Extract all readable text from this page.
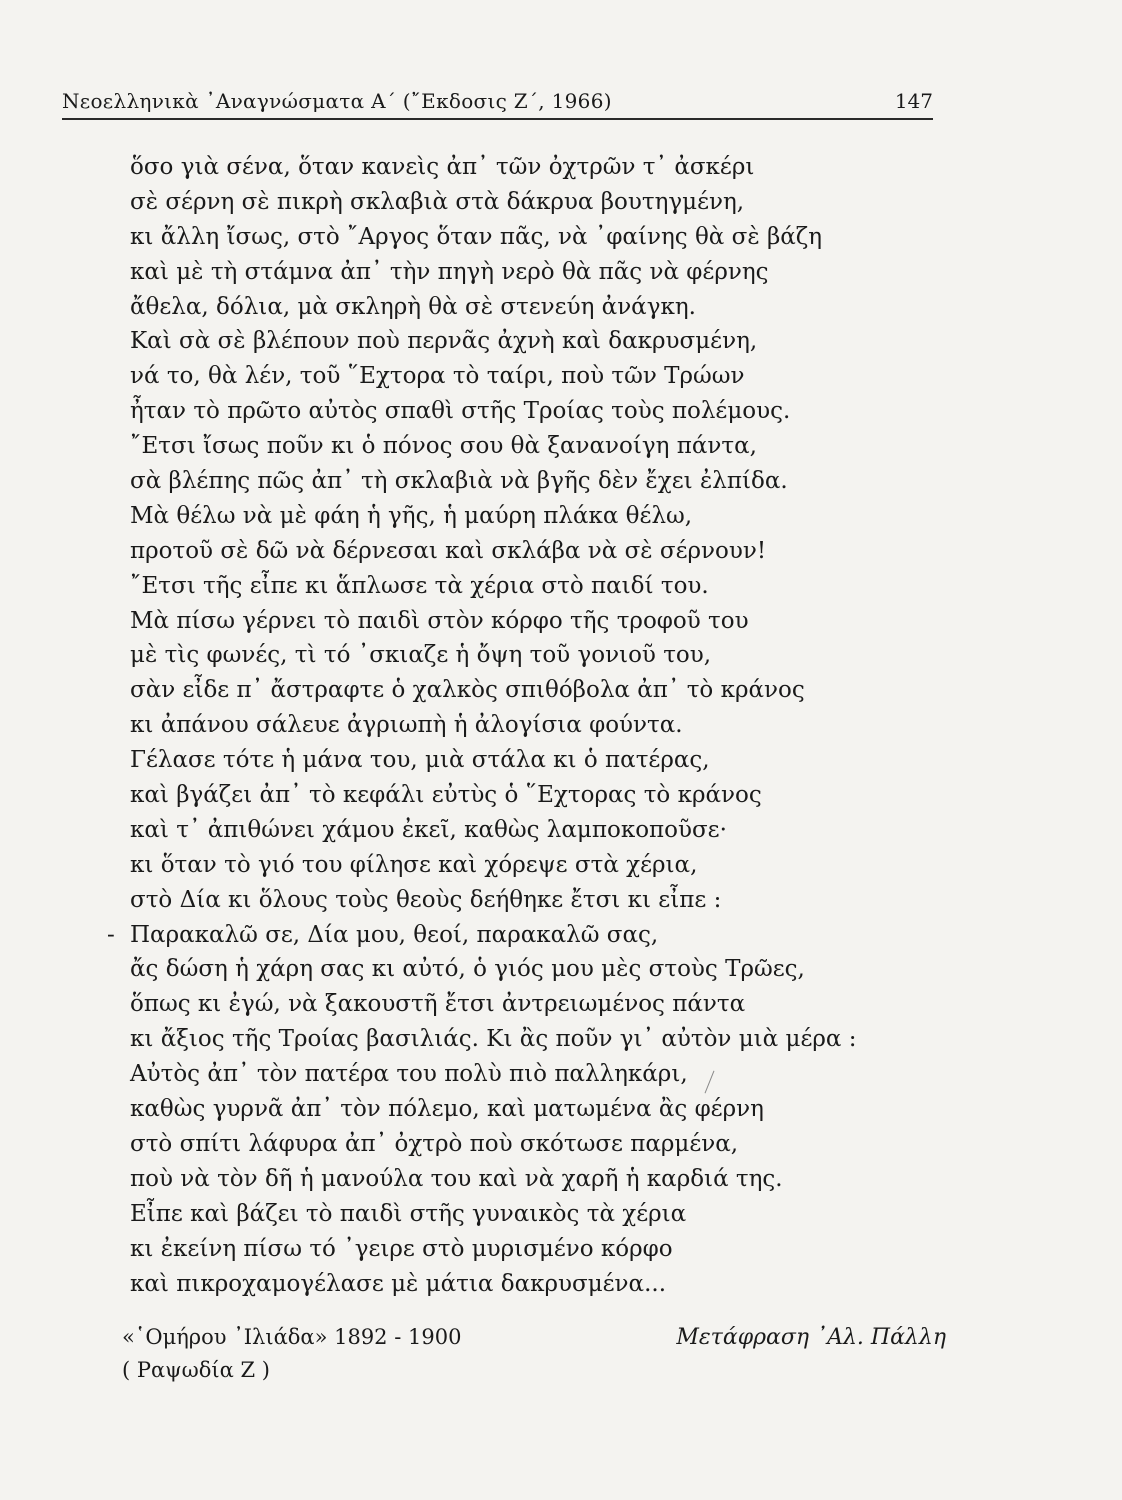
Νεοελληνικὰ ᾿Αναγνώσματα Α΄ (῎Εκδοσις Ζ΄, 1966)	147
ὅσο γιὰ σένα, ὅταν κανεὶς ἀπ᾿ τῶν ὀχτρῶν τ᾿ ἀσκέρι
σὲ σέρνη σὲ πικρὴ σκλαβιὰ στὰ δάκρυα βουτηγμένη,
κι ἄλλη ἴσως, στὸ ῎Αργος ὅταν πᾶς, νὰ ᾿φαίνης θὰ σὲ βάζη
καὶ μὲ τὴ στάμνα ἀπ᾿ τὴν πηγὴ νερὸ θὰ πᾶς νὰ φέρνης
ἄθελα, δόλια, μὰ σκληρὴ θὰ σὲ στενεύη ἀνάγκη.
Καὶ σὰ σὲ βλέπουν ποὺ περνᾶς ἀχνὴ καὶ δακρυσμένη,
νά το, θὰ λέν, τοῦ ῞Εχτορα τὸ ταίρι, ποὺ τῶν Τρώων
ἦταν τὸ πρῶτο αὐτὸς σπαθὶ στῆς Τροίας τοὺς πολέμους.
῎Ετσι ἴσως ποῦν κι ὁ πόνος σου θὰ ξανανοίγη πάντα,
σὰ βλέπης πῶς ἀπ᾿ τὴ σκλαβιὰ νὰ βγῆς δὲν ἔχει ἐλπίδα.
Μὰ θέλω νὰ μὲ φάη ἡ γῆς, ἡ μαύρη πλάκα θέλω,
προτοῦ σὲ δῶ νὰ δέρνεσαι καὶ σκλάβα νὰ σὲ σέρνουν!
῎Ετσι τῆς εἶπε κι ἅπλωσε τὰ χέρια στὸ παιδί του.
Μὰ πίσω γέρνει τὸ παιδὶ στὸν κόρφο τῆς τροφοῦ του
μὲ τὶς φωνές, τὶ τό ᾿σκιαζε ἡ ὄψη τοῦ γονιοῦ του,
σὰν εἶδε π᾿ ἄστραφτε ὁ χαλκὸς σπιθόβολα ἀπ᾿ τὸ κράνος
κι ἀπάνου σάλευε ἀγριωπὴ ἡ ἀλογίσια φούντα.
Γέλασε τότε ἡ μάνα του, μιὰ στάλα κι ὁ πατέρας,
καὶ βγάζει ἀπ᾿ τὸ κεφάλι εὐτὺς ὁ ῞Εχτορας τὸ κράνος
καὶ τ᾿ ἀπιθώνει χάμου ἐκεῖ, καθὼς λαμποκοποῦσε·
κι ὅταν τὸ γιό του φίλησε καὶ χόρεψε στὰ χέρια,
στὸ Δία κι ὅλους τοὺς θεοὺς δεήθηκε ἔτσι κι εἶπε :
- Παρακαλῶ σε, Δία μου, θεοί, παρακαλῶ σας,
ἄς δώση ἡ χάρη σας κι αὐτό, ὁ γιός μου μὲς στοὺς Τρῶες,
ὅπως κι ἐγώ, νὰ ξακουστῆ ἔτσι ἀντρειωμένος πάντα
κι ἄξιος τῆς Τροίας βασιλιάς. Κι ἂς ποῦν γι᾿ αὐτὸν μιὰ μέρα :
Αὐτὸς ἀπ᾿ τὸν πατέρα του πολὺ πιὸ παλληκάρι,
καθὼς γυρνᾶ ἀπ᾿ τὸν πόλεμο, καὶ ματωμένα ἂς φέρνη
στὸ σπίτι λάφυρα ἀπ᾿ ὀχτρὸ ποὺ σκότωσε παρμένα,
ποὺ νὰ τὸν δῆ ἡ μανούλα του καὶ νὰ χαρῆ ἡ καρδιά της.
Εἶπε καὶ βάζει τὸ παιδὶ στῆς γυναικὸς τὰ χέρια
κι ἐκείνη πίσω τό ᾿γειρε στὸ μυρισμένο κόρφο
καὶ πικροχαμογέλασε μὲ μάτια δακρυσμένα...
«῾Ομήρου ᾿Ιλιάδα» 1892 - 1900
( Ραψωδία Ζ )
Μετάφραση ᾿Αλ. Πάλλη
